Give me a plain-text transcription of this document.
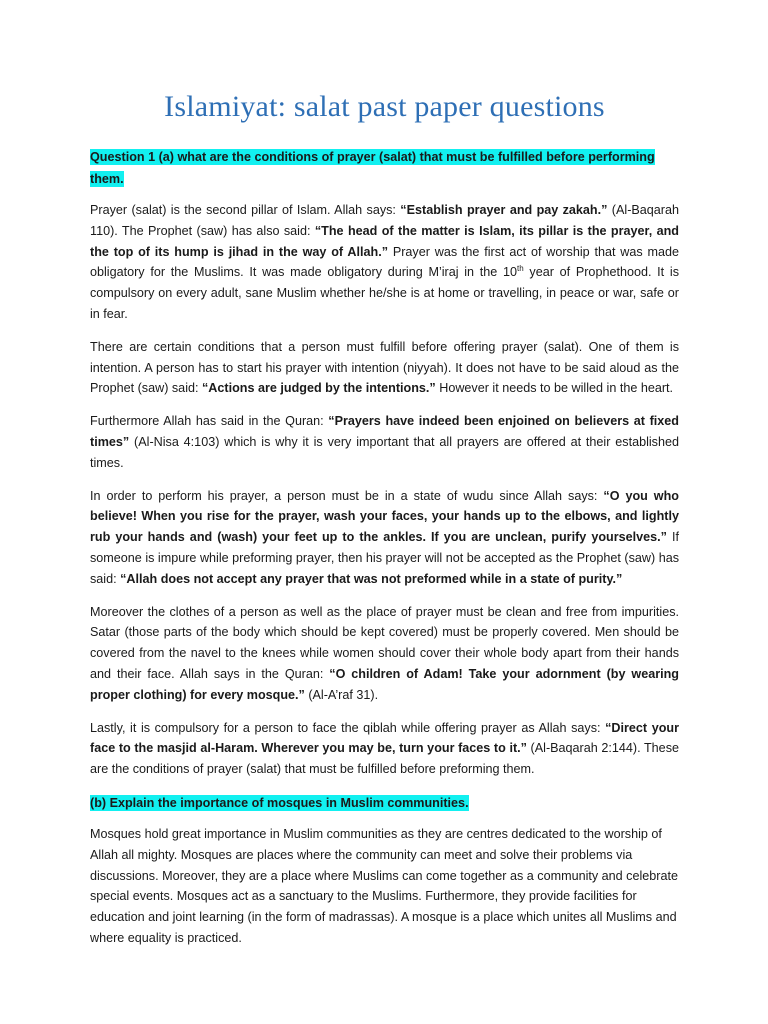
Islamiyat: salat past paper questions
Question 1 (a) what are the conditions of prayer (salat) that must be fulfilled before performing them.

Prayer (salat) is the second pillar of Islam. Allah says: “Establish prayer and pay zakah.” (Al-Baqarah 110). The Prophet (saw) has also said: “The head of the matter is Islam, its pillar is the prayer, and the top of its hump is jihad in the way of Allah.” Prayer was the first act of worship that was made obligatory for the Muslims. It was made obligatory during M’iraj in the 10th year of Prophethood. It is compulsory on every adult, sane Muslim whether he/she is at home or travelling, in peace or war, safe or in fear.

There are certain conditions that a person must fulfill before offering prayer (salat). One of them is intention. A person has to start his prayer with intention (niyyah). It does not have to be said aloud as the Prophet (saw) said: “Actions are judged by the intentions.” However it needs to be willed in the heart.

Furthermore Allah has said in the Quran: “Prayers have indeed been enjoined on believers at fixed times” (Al-Nisa 4:103) which is why it is very important that all prayers are offered at their established times.

In order to perform his prayer, a person must be in a state of wudu since Allah says: “O you who believe! When you rise for the prayer, wash your faces, your hands up to the elbows, and lightly rub your hands and (wash) your feet up to the ankles. If you are unclean, purify yourselves.” If someone is impure while preforming prayer, then his prayer will not be accepted as the Prophet (saw) has said: “Allah does not accept any prayer that was not preformed while in a state of purity.”

Moreover the clothes of a person as well as the place of prayer must be clean and free from impurities. Satar (those parts of the body which should be kept covered) must be properly covered. Men should be covered from the navel to the knees while women should cover their whole body apart from their hands and their face. Allah says in the Quran: “O children of Adam! Take your adornment (by wearing proper clothing) for every mosque.” (Al-A’raf 31).

Lastly, it is compulsory for a person to face the qiblah while offering prayer as Allah says: “Direct your face to the masjid al-Haram. Wherever you may be, turn your faces to it.” (Al-Baqarah 2:144). These are the conditions of prayer (salat) that must be fulfilled before preforming them.

(b) Explain the importance of mosques in Muslim communities.

Mosques hold great importance in Muslim communities as they are centres dedicated to the worship of Allah all mighty. Mosques are places where the community can meet and solve their problems via discussions. Moreover, they are a place where Muslims can come together as a community and celebrate special events. Mosques act as a sanctuary to the Muslims. Furthermore, they provide facilities for education and joint learning (in the form of madrassas). A mosque is a place which unites all Muslims and where equality is practiced.
